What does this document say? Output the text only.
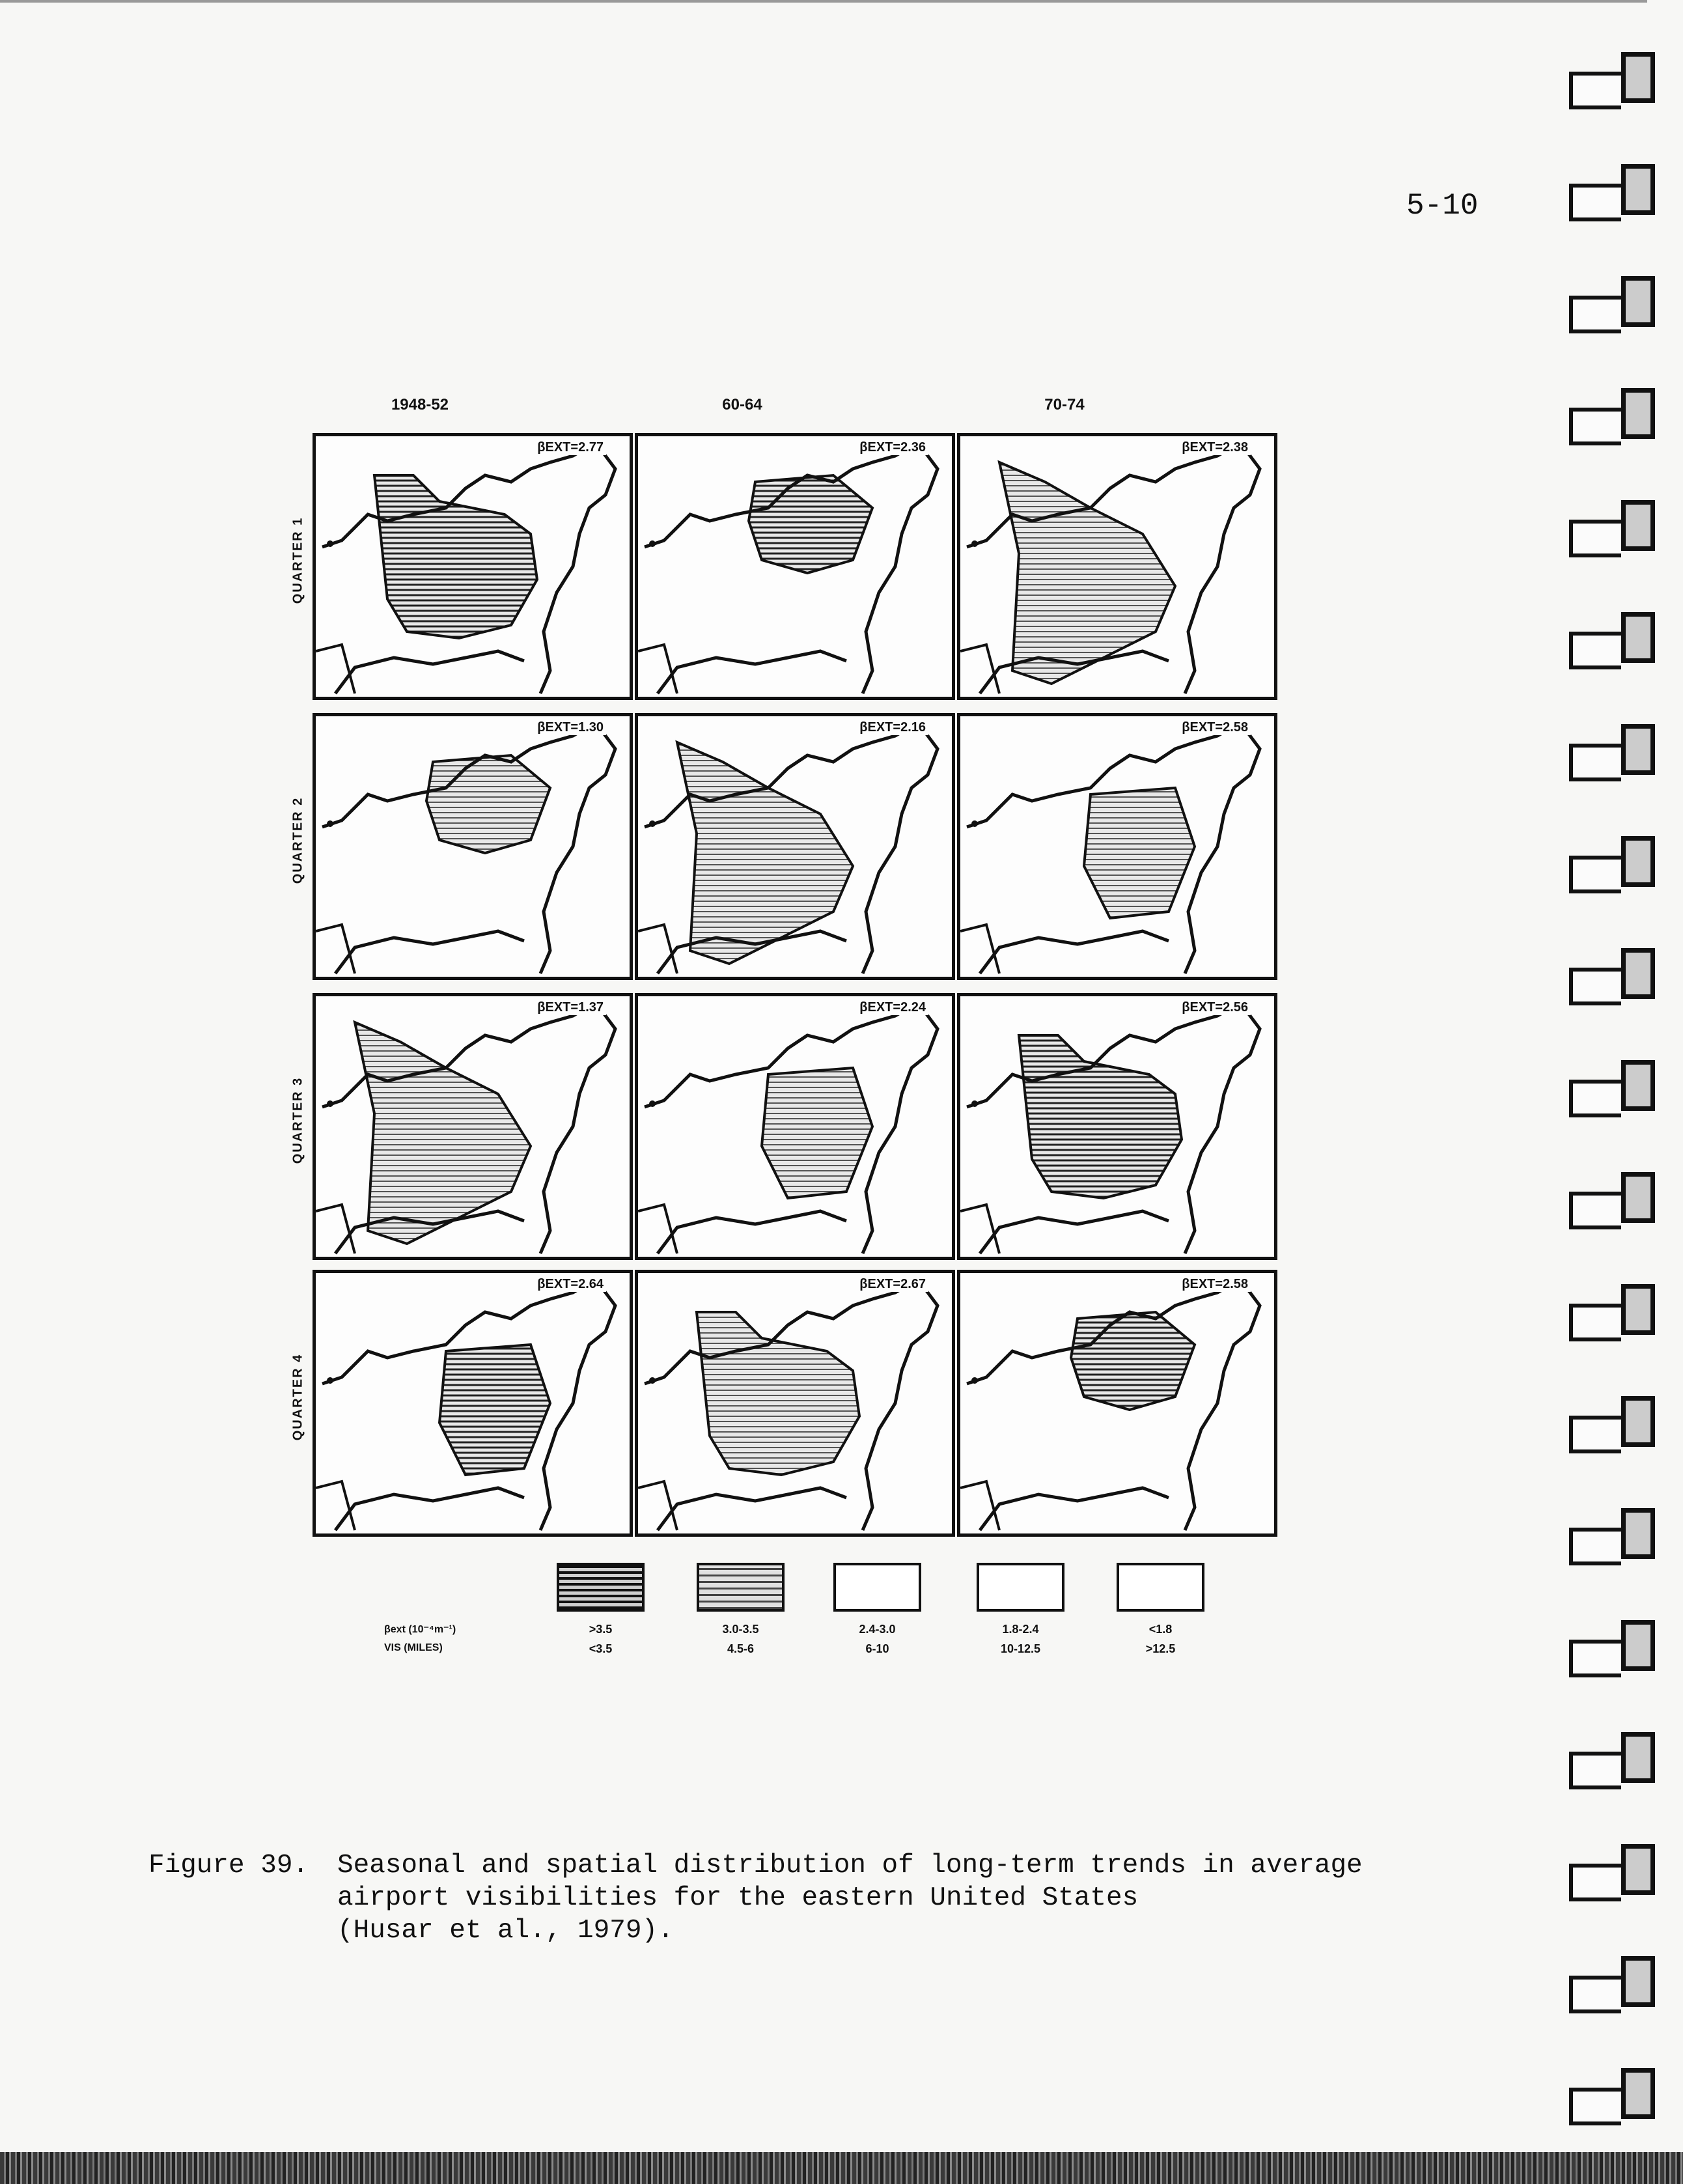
5-10
1948-52	60-64	70-74
QUARTER 1
QUARTER 2
QUARTER 3
QUARTER 4
βEXT=2.77	βEXT=2.36	βEXT=2.38
βEXT=1.30	βEXT=2.16	βEXT=2.58
βEXT=1.37	βEXT=2.24	βEXT=2.56
βEXT=2.64	βEXT=2.67	βEXT=2.58
βext (10⁻⁴m⁻¹)
VIS (MILES)
>3.5	3.0-3.5	2.4-3.0	1.8-2.4	<1.8
<3.5	4.5-6	6-10	10-12.5	>12.5
Figure 39. Seasonal and spatial distribution of long-term trends in average
airport visibilities for the eastern United States
(Husar et al., 1979).
